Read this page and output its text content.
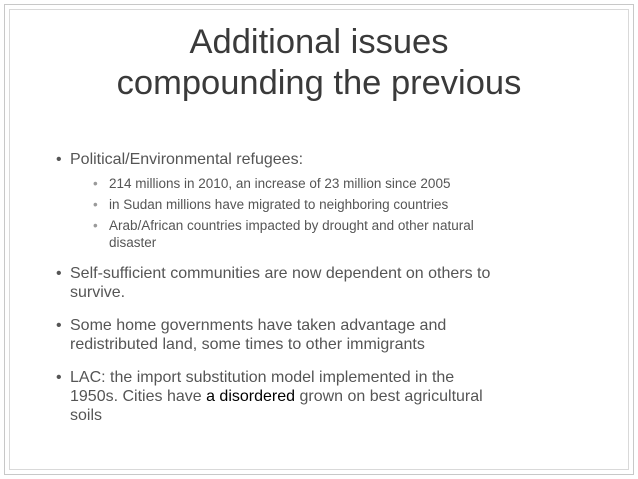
Additional issues
compounding the previous
• Political/Environmental refugees:
• 214 millions in 2010, an increase of 23 million since 2005
• in Sudan millions have migrated to neighboring countries
• Arab/African countries impacted by drought and other natural
disaster
• Self-sufficient communities are now dependent on others to
survive.
• Some home governments have taken advantage and
redistributed land, some times to other immigrants
• LAC: the import substitution model implemented in the
1950s. Cities have a disordered grown on best agricultural
soils
